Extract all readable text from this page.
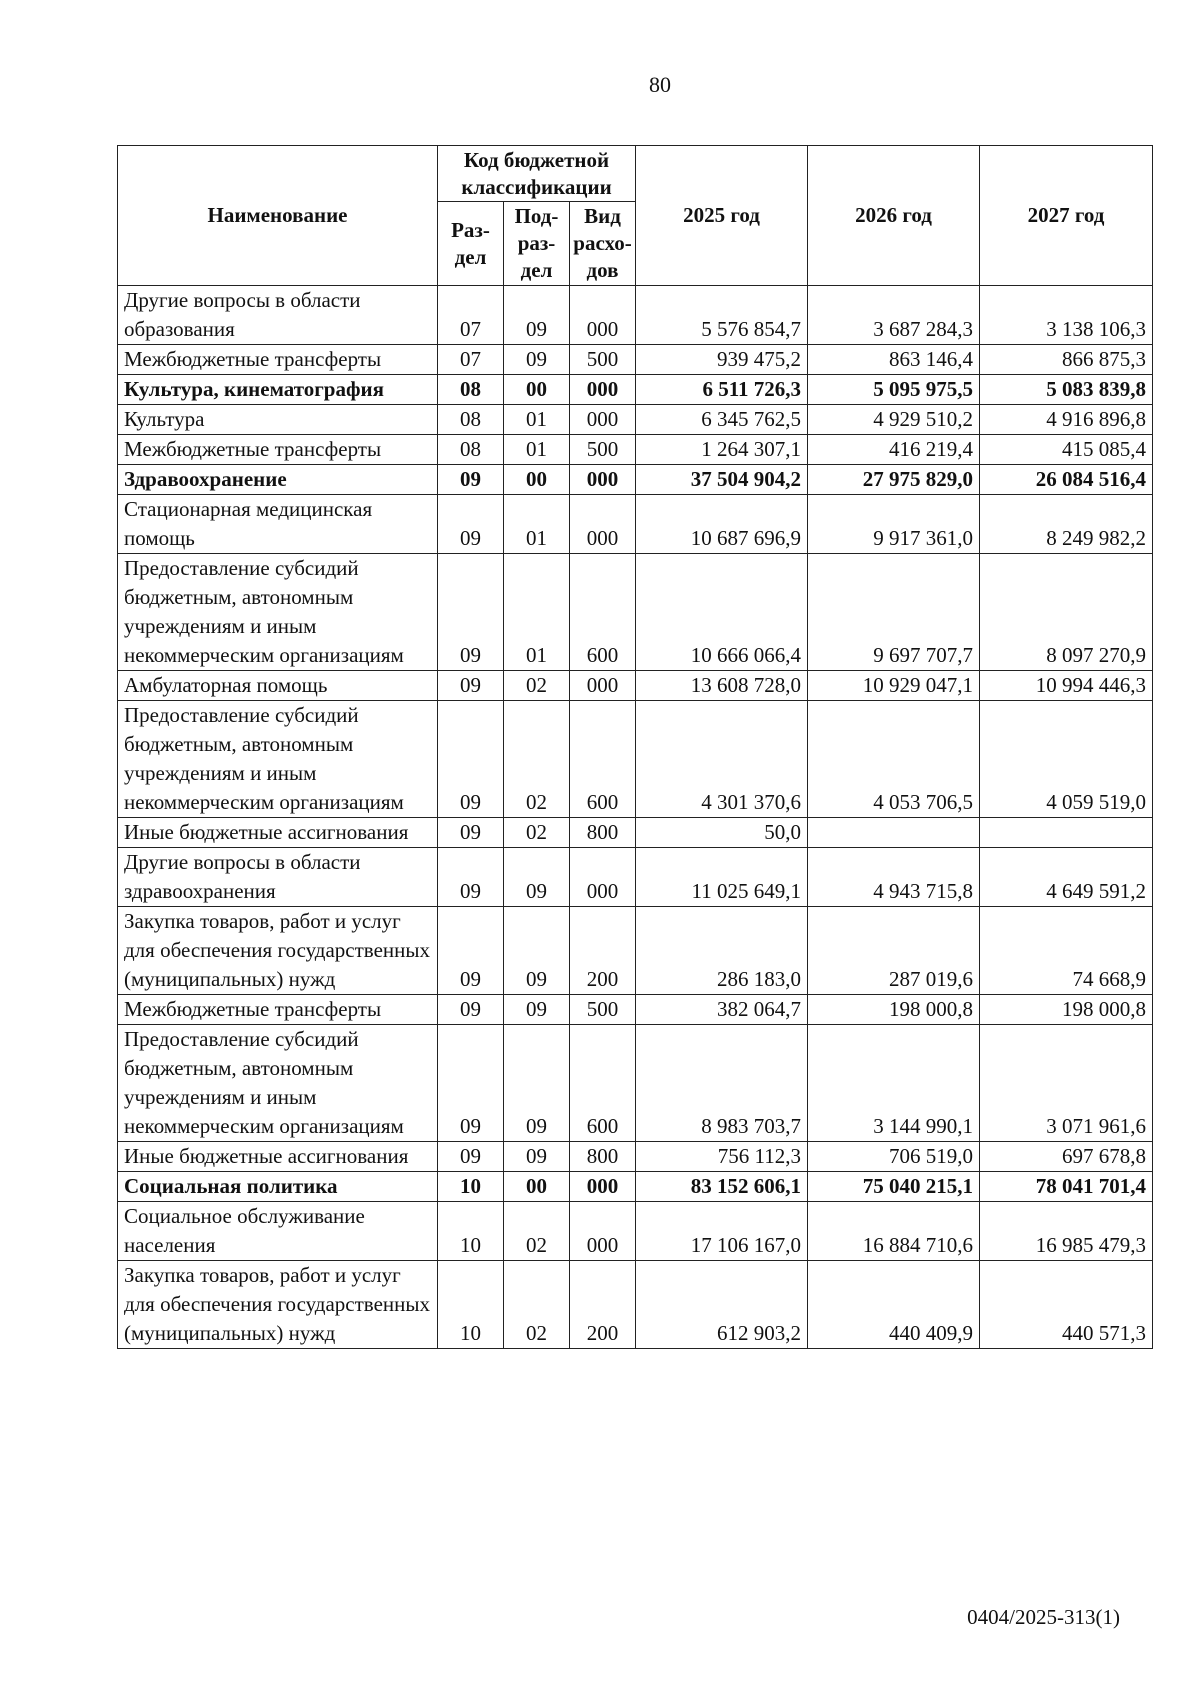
80
Наименование	Код бюджетной классификации			2025 год	2026 год	2027 год
	Раз-дел	Под-раз-дел	Вид расхо-дов			
Другие вопросы в области образования	07	09	000	5 576 854,7	3 687 284,3	3 138 106,3
Межбюджетные трансферты	07	09	500	939 475,2	863 146,4	866 875,3
Культура, кинематография	08	00	000	6 511 726,3	5 095 975,5	5 083 839,8
Культура	08	01	000	6 345 762,5	4 929 510,2	4 916 896,8
Межбюджетные трансферты	08	01	500	1 264 307,1	416 219,4	415 085,4
Здравоохранение	09	00	000	37 504 904,2	27 975 829,0	26 084 516,4
Стационарная медицинская помощь	09	01	000	10 687 696,9	9 917 361,0	8 249 982,2
Предоставление субсидий бюджетным, автономным учреждениям и иным некоммерческим организациям	09	01	600	10 666 066,4	9 697 707,7	8 097 270,9
Амбулаторная помощь	09	02	000	13 608 728,0	10 929 047,1	10 994 446,3
Предоставление субсидий бюджетным, автономным учреждениям и иным некоммерческим организациям	09	02	600	4 301 370,6	4 053 706,5	4 059 519,0
Иные бюджетные ассигнования	09	02	800	50,0		
Другие вопросы в области здравоохранения	09	09	000	11 025 649,1	4 943 715,8	4 649 591,2
Закупка товаров, работ и услуг для обеспечения государственных (муниципальных) нужд	09	09	200	286 183,0	287 019,6	74 668,9
Межбюджетные трансферты	09	09	500	382 064,7	198 000,8	198 000,8
Предоставление субсидий бюджетным, автономным учреждениям и иным некоммерческим организациям	09	09	600	8 983 703,7	3 144 990,1	3 071 961,6
Иные бюджетные ассигнования	09	09	800	756 112,3	706 519,0	697 678,8
Социальная политика	10	00	000	83 152 606,1	75 040 215,1	78 041 701,4
Социальное обслуживание населения	10	02	000	17 106 167,0	16 884 710,6	16 985 479,3
Закупка товаров, работ и услуг для обеспечения государственных (муниципальных) нужд	10	02	200	612 903,2	440 409,9	440 571,3
0404/2025-313(1)
